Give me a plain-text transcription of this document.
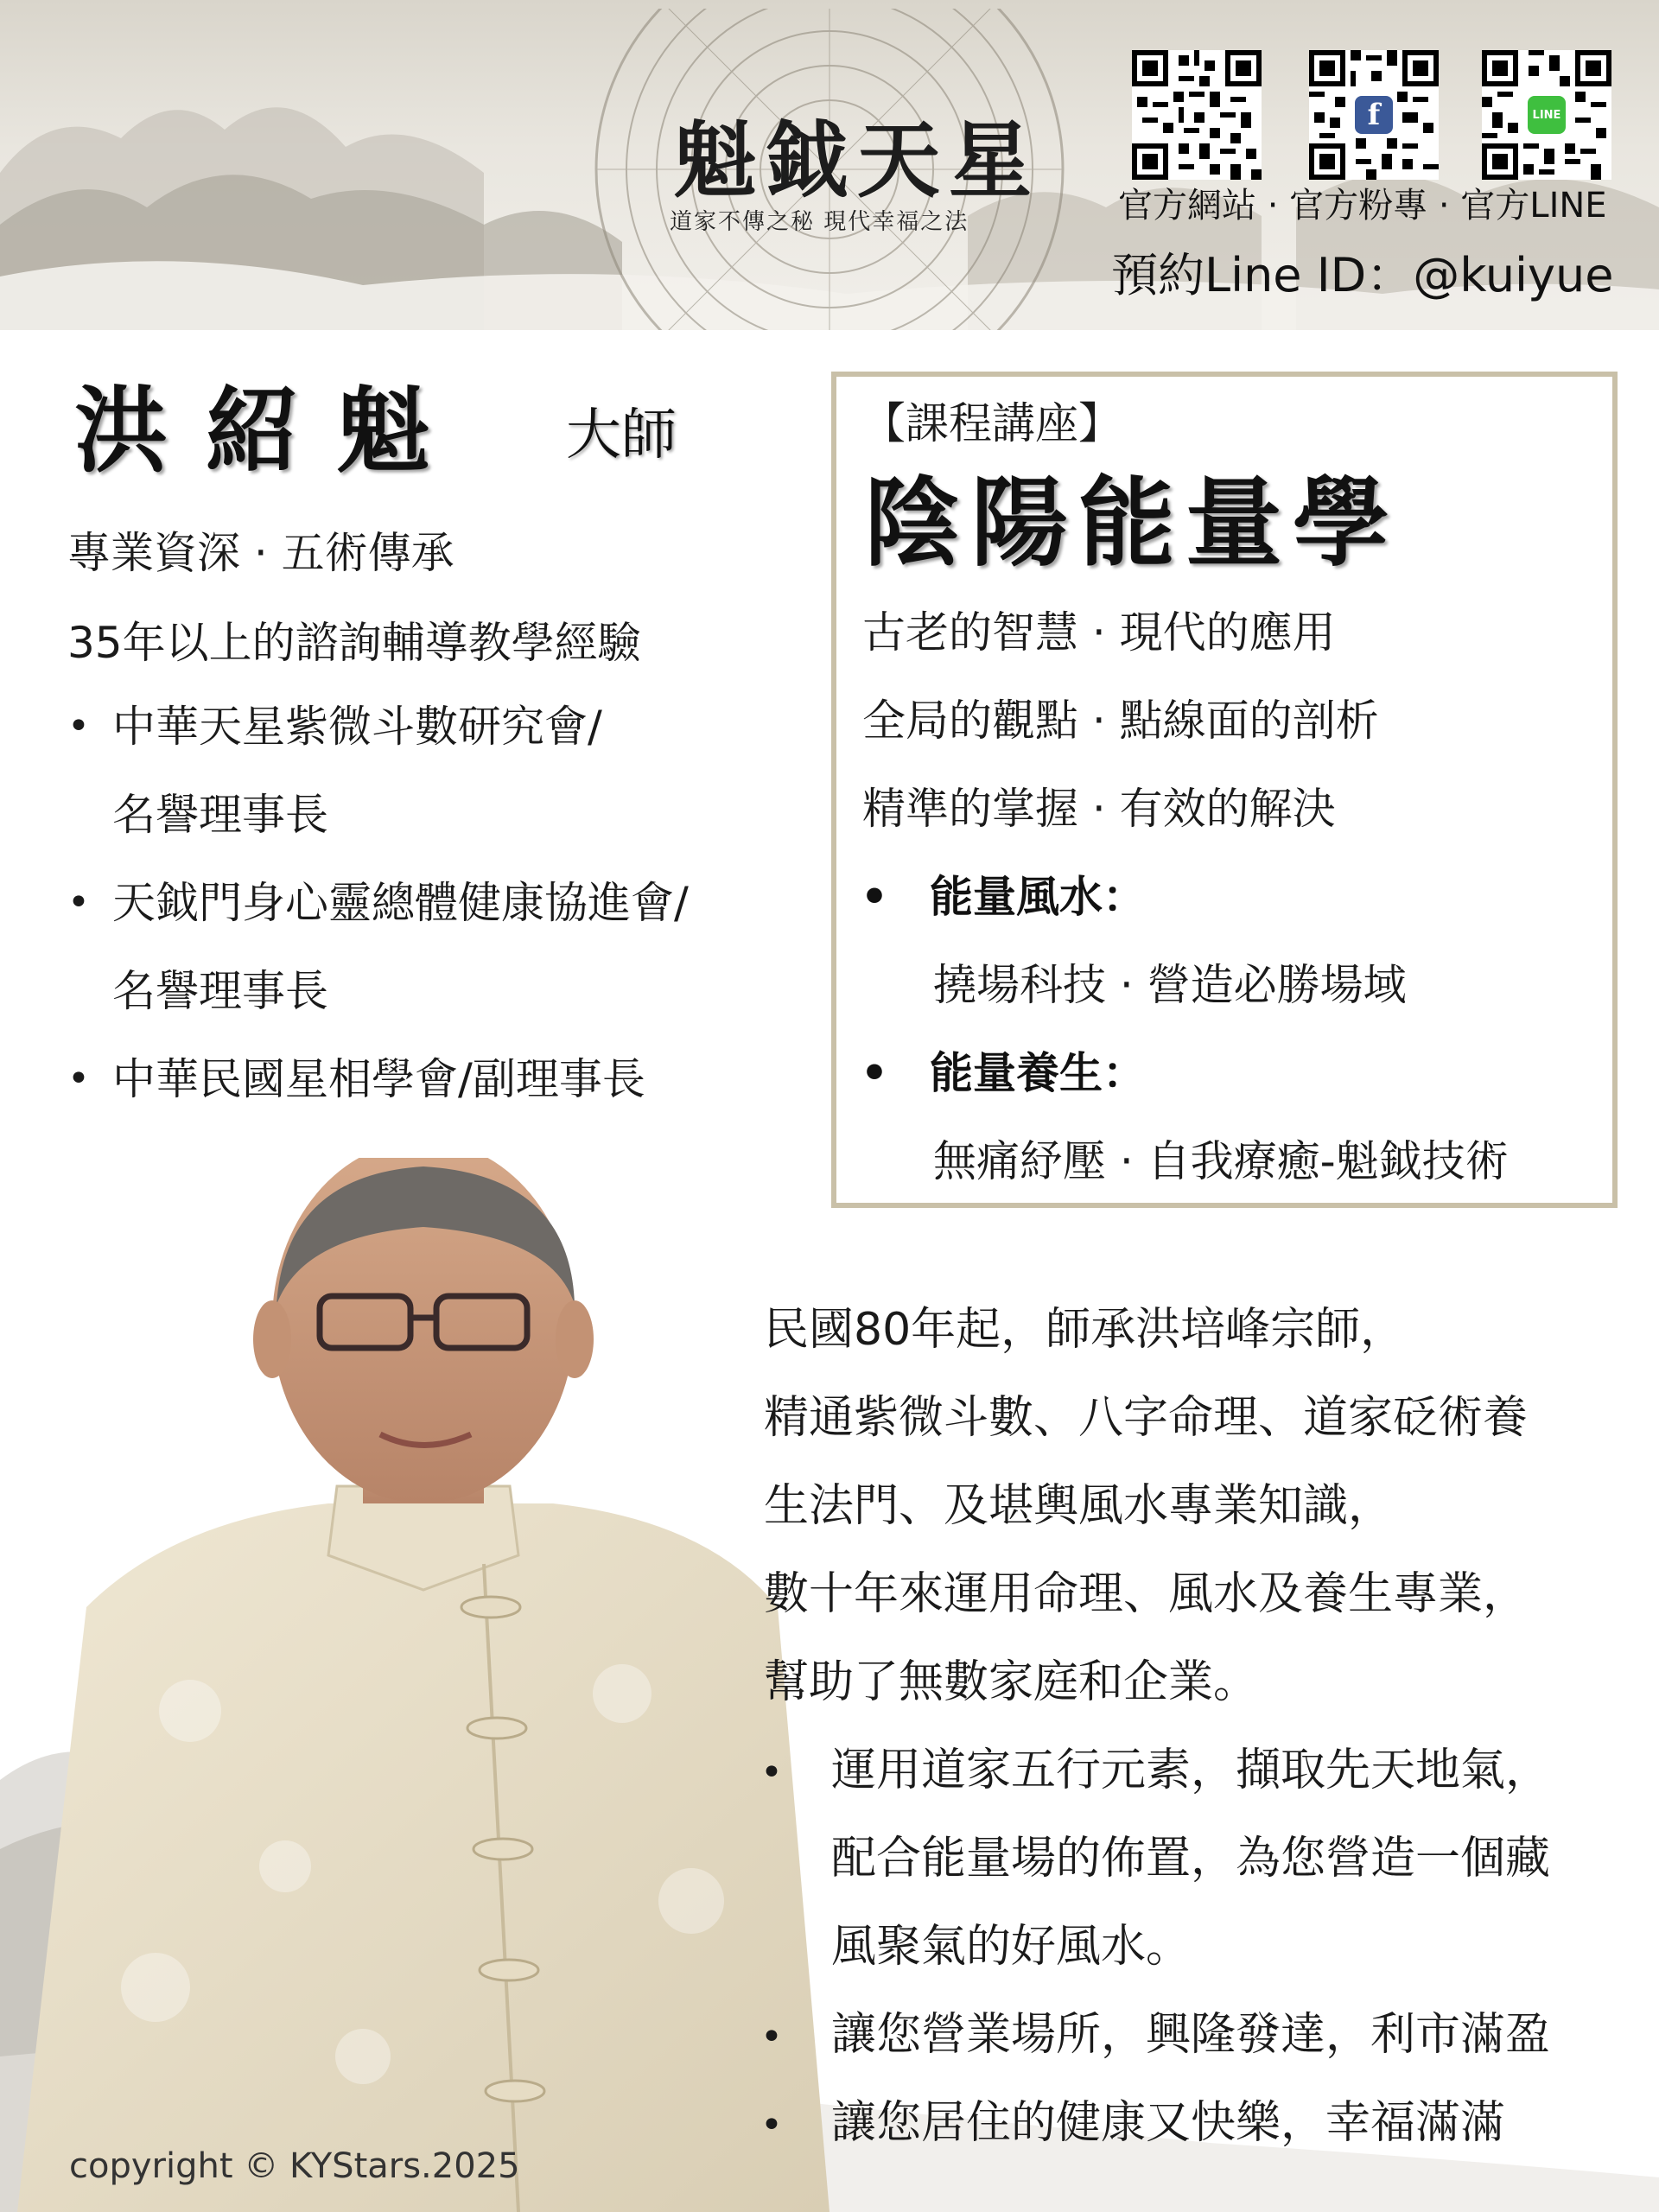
魁鉞天星
道家不傳之秘 現代幸福之法
f	LINE
官方網站 · 官方粉專 · 官方LINE
預約Line ID：@kuiyue
洪紹魁 大師
專業資深 · 五術傳承
35年以上的諮詢輔導教學經驗
• 中華天星紫微斗數研究會/
名譽理事長
• 天鉞門身心靈總體健康協進會/
名譽理事長
• 中華民國星相學會/副理事長
【課程講座】
陰陽能量學
古老的智慧 · 現代的應用
全局的觀點 · 點線面的剖析
精準的掌握 · 有效的解決
• 能量風水：
撓場科技 · 營造必勝場域
• 能量養生：
無痛紓壓 · 自我療癒-魁鉞技術
民國80年起，師承洪培峰宗師，
精通紫微斗數、八字命理、道家砭術養
生法門、及堪輿風水專業知識，
數十年來運用命理、風水及養生專業，
幫助了無數家庭和企業。
• 運用道家五行元素，擷取先天地氣，
配合能量場的佈置，為您營造一個藏
風聚氣的好風水。
• 讓您營業場所，興隆發達，利市滿盈
• 讓您居住的健康又快樂，幸福滿滿
copyright © KYStars.2025
